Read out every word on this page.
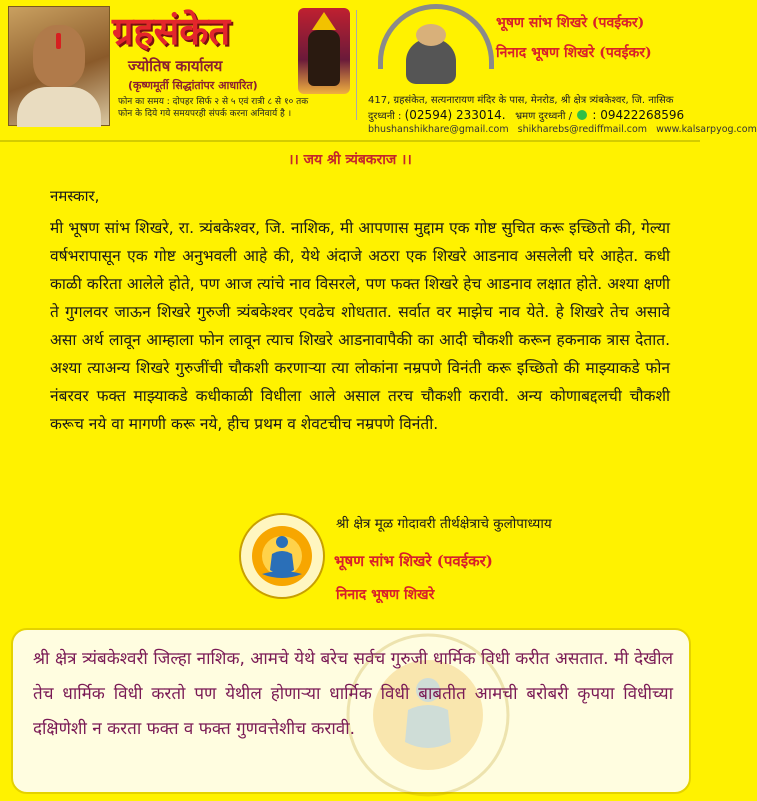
ग्रहसंकेत
ज्योतिष कार्यालय
(कृष्णमूर्ती सिद्धांतांपर आधारित)
फोन का समय : दोपहर सिर्फ २ से ५ एवं रात्री ८ से १० तक
फोन के दिये गये समयपरही संपर्क करना अनिवार्य है ।
भूषण सांभ शिखरे (पवईकर)
निनाद भूषण शिखरे (पवईकर)
417, ग्रहसंकेत, सत्यनारायण मंदिर के पास, मेनरोड, श्री क्षेत्र त्र्यंबकेश्वर, जि. नासिक
दुरध्वनी : (02594) 233014. भ्रमण दुरध्वनी / : 09422268596
bhushanshikhare@gmail.com shikharebs@rediffmail.com www.kalsarpyog.com
।। जय श्री त्र्यंबकराज ।।
नमस्कार,
मी भूषण सांभ शिखरे, रा. त्र्यंबकेश्वर, जि. नाशिक, मी आपणास मुद्दाम एक गोष्ट सुचित करू इच्छितो की, गेल्या वर्षभरापासून एक गोष्ट अनुभवली आहे की, येथे अंदाजे अठरा एक शिखरे आडनाव असलेली घरे आहेत. कधी काळी करिता आलेले होते, पण आज त्यांचे नाव विसरले, पण फक्त शिखरे हेच आडनाव लक्षात होते. अश्या क्षणी ते गुगलवर जाऊन शिखरे गुरुजी त्र्यंबकेश्वर एवढेच शोधतात. सर्वात वर माझेच नाव येते. हे शिखरे तेच असावे असा अर्थ लावून आम्हाला फोन लावून त्याच शिखरे आडनावापैकी का आदी चौकशी करून हकनाक त्रास देतात. अश्या त्याअन्य शिखरे गुरुजींची चौकशी करणाऱ्या त्या लोकांना नम्रपणे विनंती करू इच्छितो की माझ्याकडे फोन नंबरवर फक्त माझ्याकडे कधीकाळी विधीला आले असाल तरच चौकशी करावी. अन्य कोणाबद्दलची चौकशी करूच नये वा मागणी करू नये, हीच प्रथम व शेवटचीच नम्रपणे विनंती.
श्री क्षेत्र मूळ गोदावरी तीर्थक्षेत्राचे कुलोपाध्याय
भूषण सांभ शिखरे (पवईकर)
निनाद भूषण शिखरे
श्री क्षेत्र त्र्यंबकेश्वरी जिल्हा नाशिक, आमचे येथे बरेच सर्वच गुरुजी धार्मिक विधी करीत असतात. मी देखील तेच धार्मिक विधी करतो पण येथील होणाऱ्या धार्मिक विधी बाबतीत आमची बरोबरी कृपया विधीच्या दक्षिणेशी न करता फक्त व फक्त गुणवत्तेशीच करावी.
